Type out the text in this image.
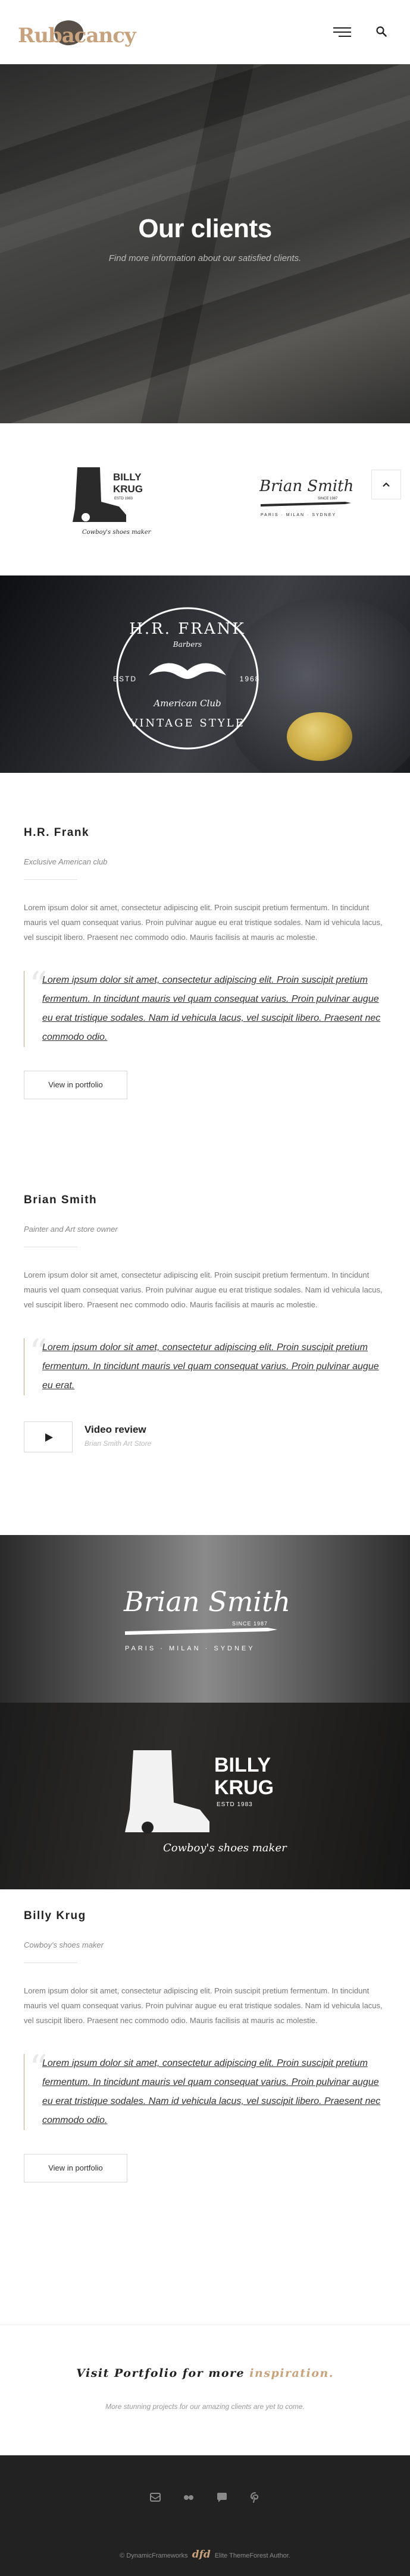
Rubacancy
Our clients
Find more information about our satisfied clients.
BILLY
KRUG
ESTD 1983
Cowboy's shoes maker
Brian Smith
SINCE 1987
PARIS · MILAN · SYDNEY
H.R. FRANK
Barbers
ESTD	1968
American Club
VINTAGE STYLE
H.R. Frank
Exclusive American club
Lorem ipsum dolor sit amet, consectetur adipiscing elit. Proin suscipit pretium fermentum. In tincidunt mauris vel quam consequat varius. Proin pulvinar augue eu erat tristique sodales. Nam id vehicula lacus, vel suscipit libero. Praesent nec commodo odio. Mauris facilisis at mauris ac molestie.
“
Lorem ipsum dolor sit amet, consectetur adipiscing elit. Proin suscipit pretium fermentum. In tincidunt mauris vel quam consequat varius. Proin pulvinar augue eu erat tristique sodales. Nam id vehicula lacus, vel suscipit libero. Praesent nec commodo odio.
View in portfolio
Brian Smith
Painter and Art store owner
Lorem ipsum dolor sit amet, consectetur adipiscing elit. Proin suscipit pretium fermentum. In tincidunt mauris vel quam consequat varius. Proin pulvinar augue eu erat tristique sodales. Nam id vehicula lacus, vel suscipit libero. Praesent nec commodo odio. Mauris facilisis at mauris ac molestie.
“
Lorem ipsum dolor sit amet, consectetur adipiscing elit. Proin suscipit pretium fermentum. In tincidunt mauris vel quam consequat varius. Proin pulvinar augue eu erat.
Video review
Brian Smith Art Store
Brian Smith
SINCE 1987
PARIS · MILAN · SYDNEY
BILLY
KRUG
ESTD 1983
Cowboy's shoes maker
Billy Krug
Cowboy's shoes maker
Lorem ipsum dolor sit amet, consectetur adipiscing elit. Proin suscipit pretium fermentum. In tincidunt mauris vel quam consequat varius. Proin pulvinar augue eu erat tristique sodales. Nam id vehicula lacus, vel suscipit libero. Praesent nec commodo odio. Mauris facilisis at mauris ac molestie.
“
Lorem ipsum dolor sit amet, consectetur adipiscing elit. Proin suscipit pretium fermentum. In tincidunt mauris vel quam consequat varius. Proin pulvinar augue eu erat tristique sodales. Nam id vehicula lacus, vel suscipit libero. Praesent nec commodo odio.
View in portfolio
Visit Portfolio for more inspiration.
More stunning projects for our amazing clients are yet to come.
© DynamicFrameworks dfd Elite ThemeForest Author.
